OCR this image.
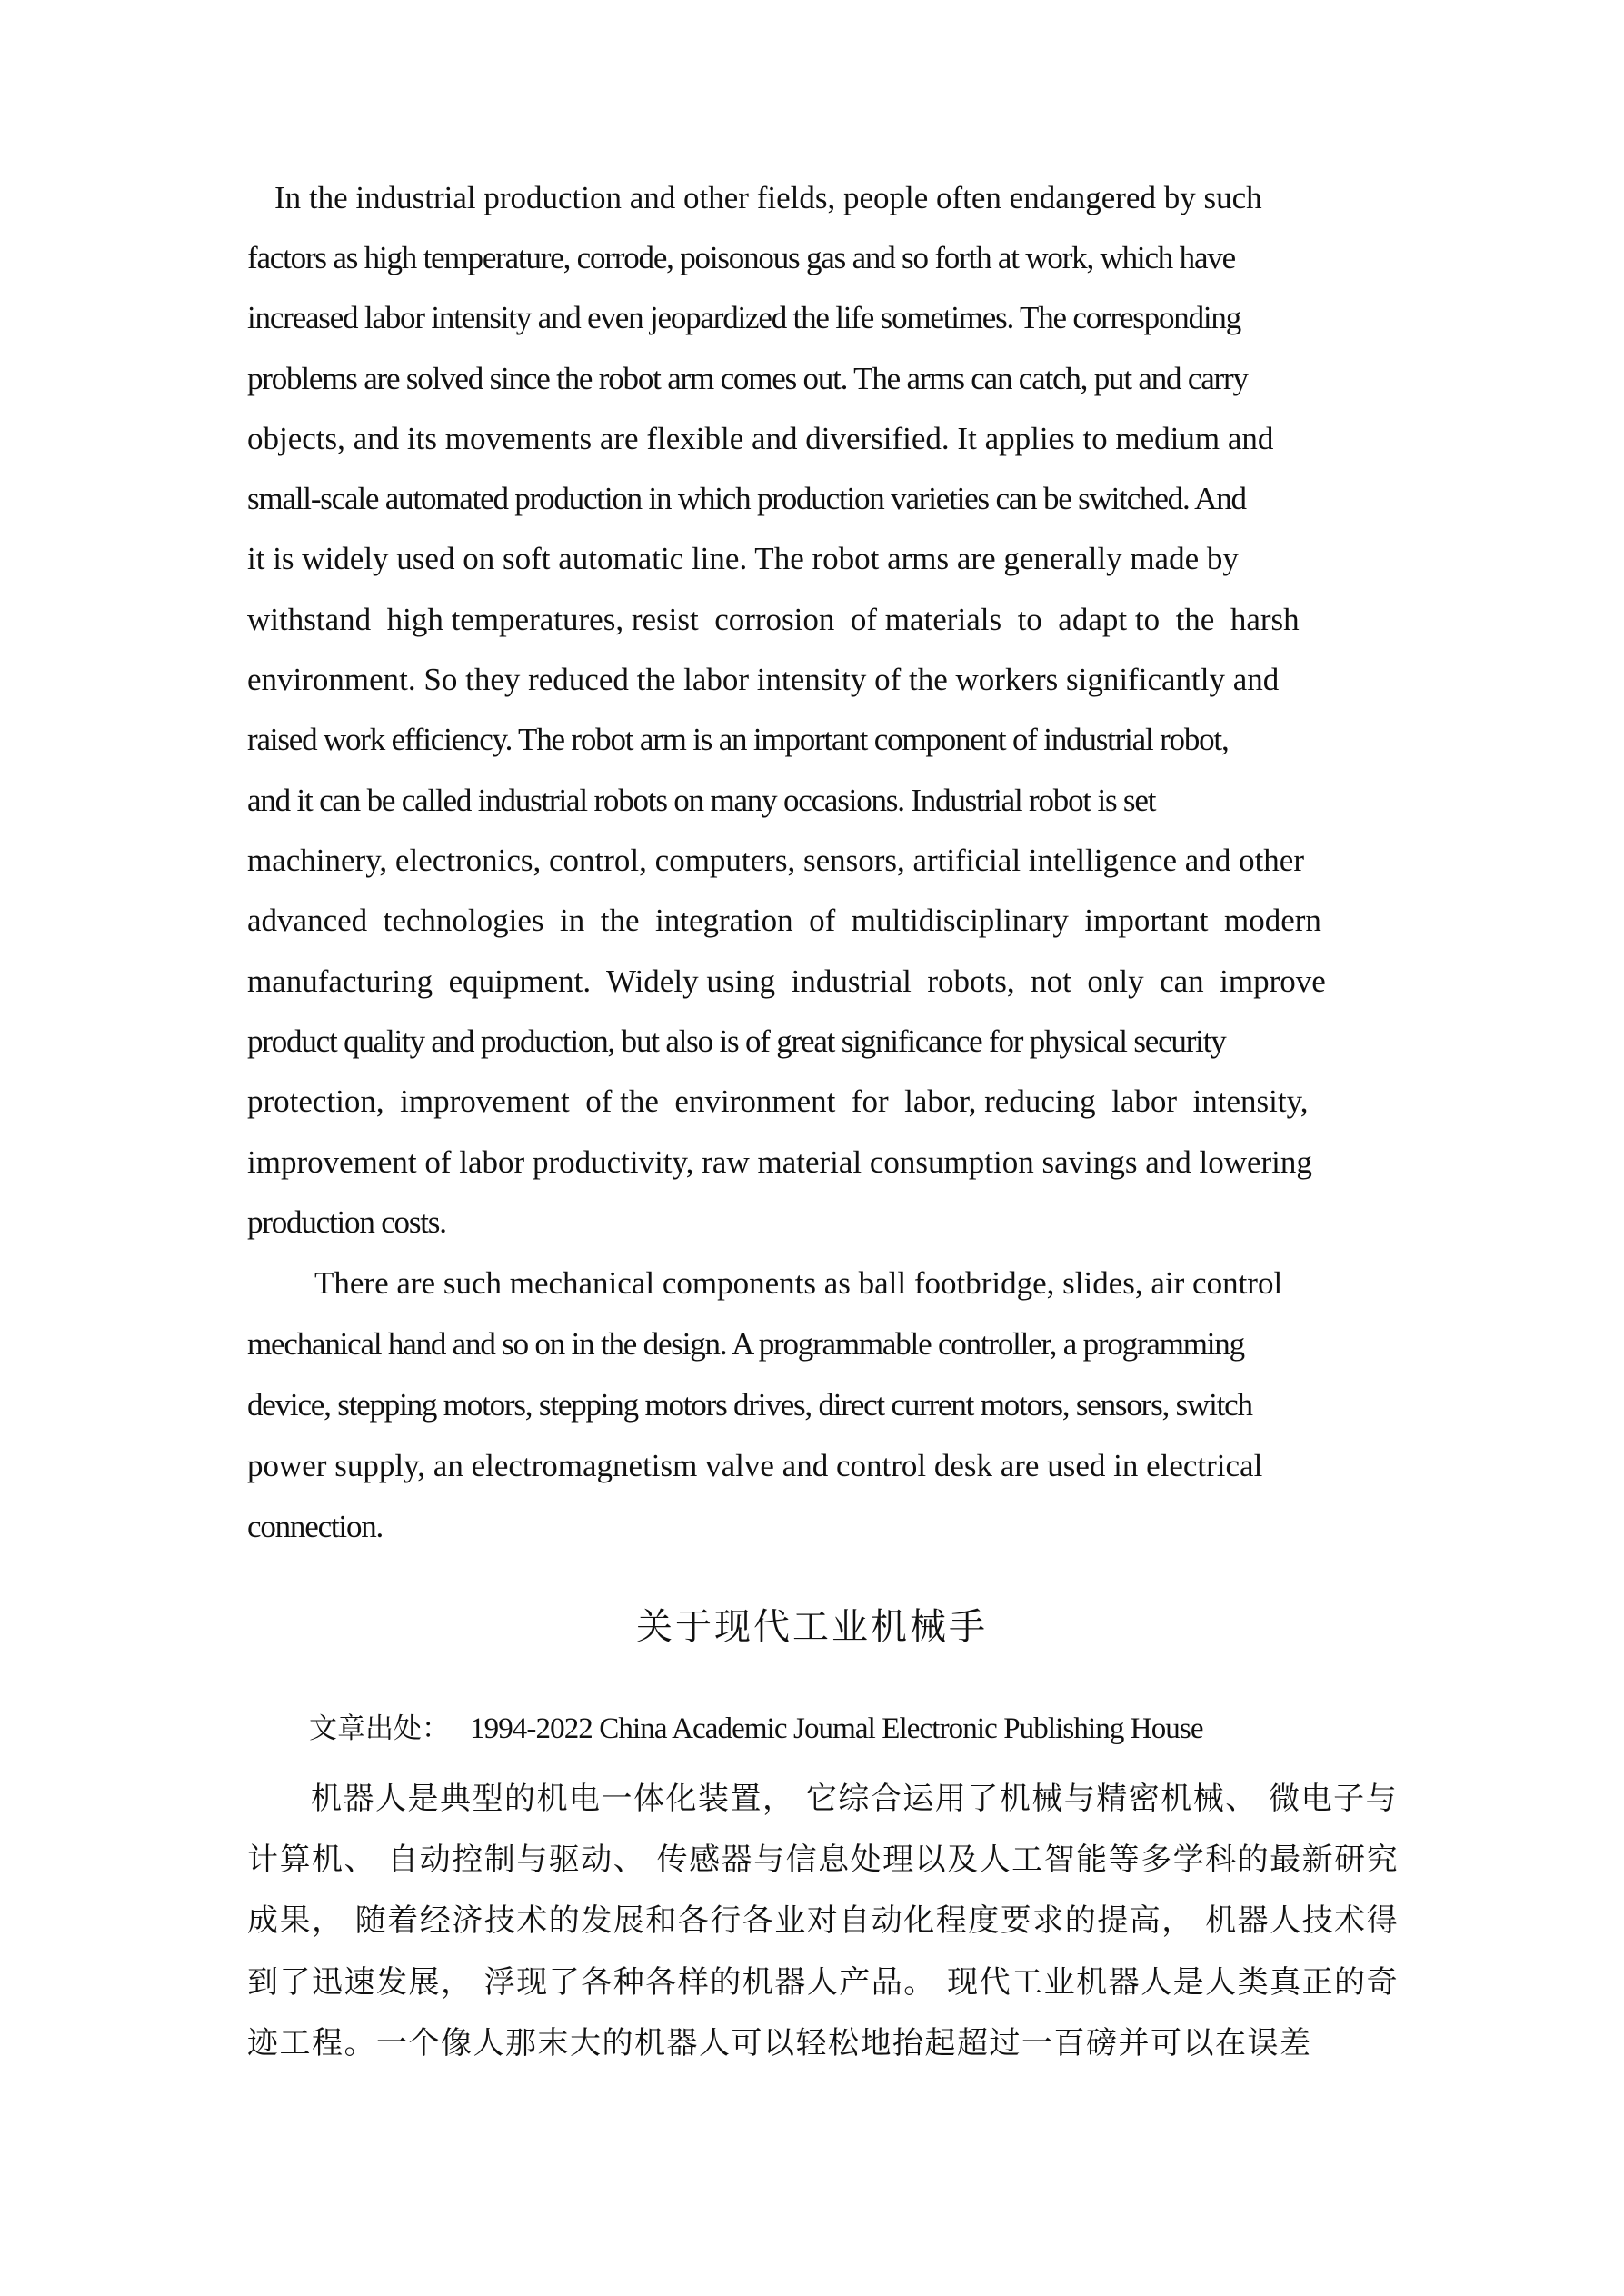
In the industrial production and other fields, people often endangered by such
factors as high temperature, corrode, poisonous gas and so forth at work, which have
increased labor intensity and even jeopardized the life sometimes. The corresponding
problems are solved since the robot arm comes out. The arms can catch, put and carry
objects, and its movements are flexible and diversified. It applies to medium and
small-scale automated production in which production varieties can be switched. And
it is widely used on soft automatic line. The robot arms are generally made by
withstand  high temperatures, resist  corrosion  of materials  to  adapt to  the  harsh
environment. So they reduced the labor intensity of the workers significantly and
raised work efficiency. The robot arm is an important component of industrial robot,
and it can be called industrial robots on many occasions. Industrial robot is set
machinery, electronics, control, computers, sensors, artificial intelligence and other
advanced  technologies  in  the  integration  of  multidisciplinary  important  modern
manufacturing  equipment.  Widely using  industrial  robots,  not  only  can  improve
product quality and production, but also is of great significance for physical security
protection,  improvement  of the  environment  for  labor, reducing  labor  intensity,
improvement of labor productivity, raw material consumption savings and lowering
production costs.
There are such mechanical components as ball footbridge, slides, air control
mechanical hand and so on in the design. A programmable controller, a programming
device, stepping motors, stepping motors drives, direct current motors, sensors, switch
power supply, an electromagnetism valve and control desk are used in electrical
connection.
关于现代工业机械手
文章出处： 1994-2022 China Academic Joumal Electronic Publishing House
机器人是典型的机电一体化装置， 它综合运用了机械与精密机械、 微电子与
计算机、 自动控制与驱动、 传感器与信息处理以及人工智能等多学科的最新研究
成果， 随着经济技术的发展和各行各业对自动化程度要求的提高， 机器人技术得
到了迅速发展， 浮现了各种各样的机器人产品。 现代工业机器人是人类真正的奇
迹工程。一个像人那末大的机器人可以轻松地抬起超过一百磅并可以在误差
